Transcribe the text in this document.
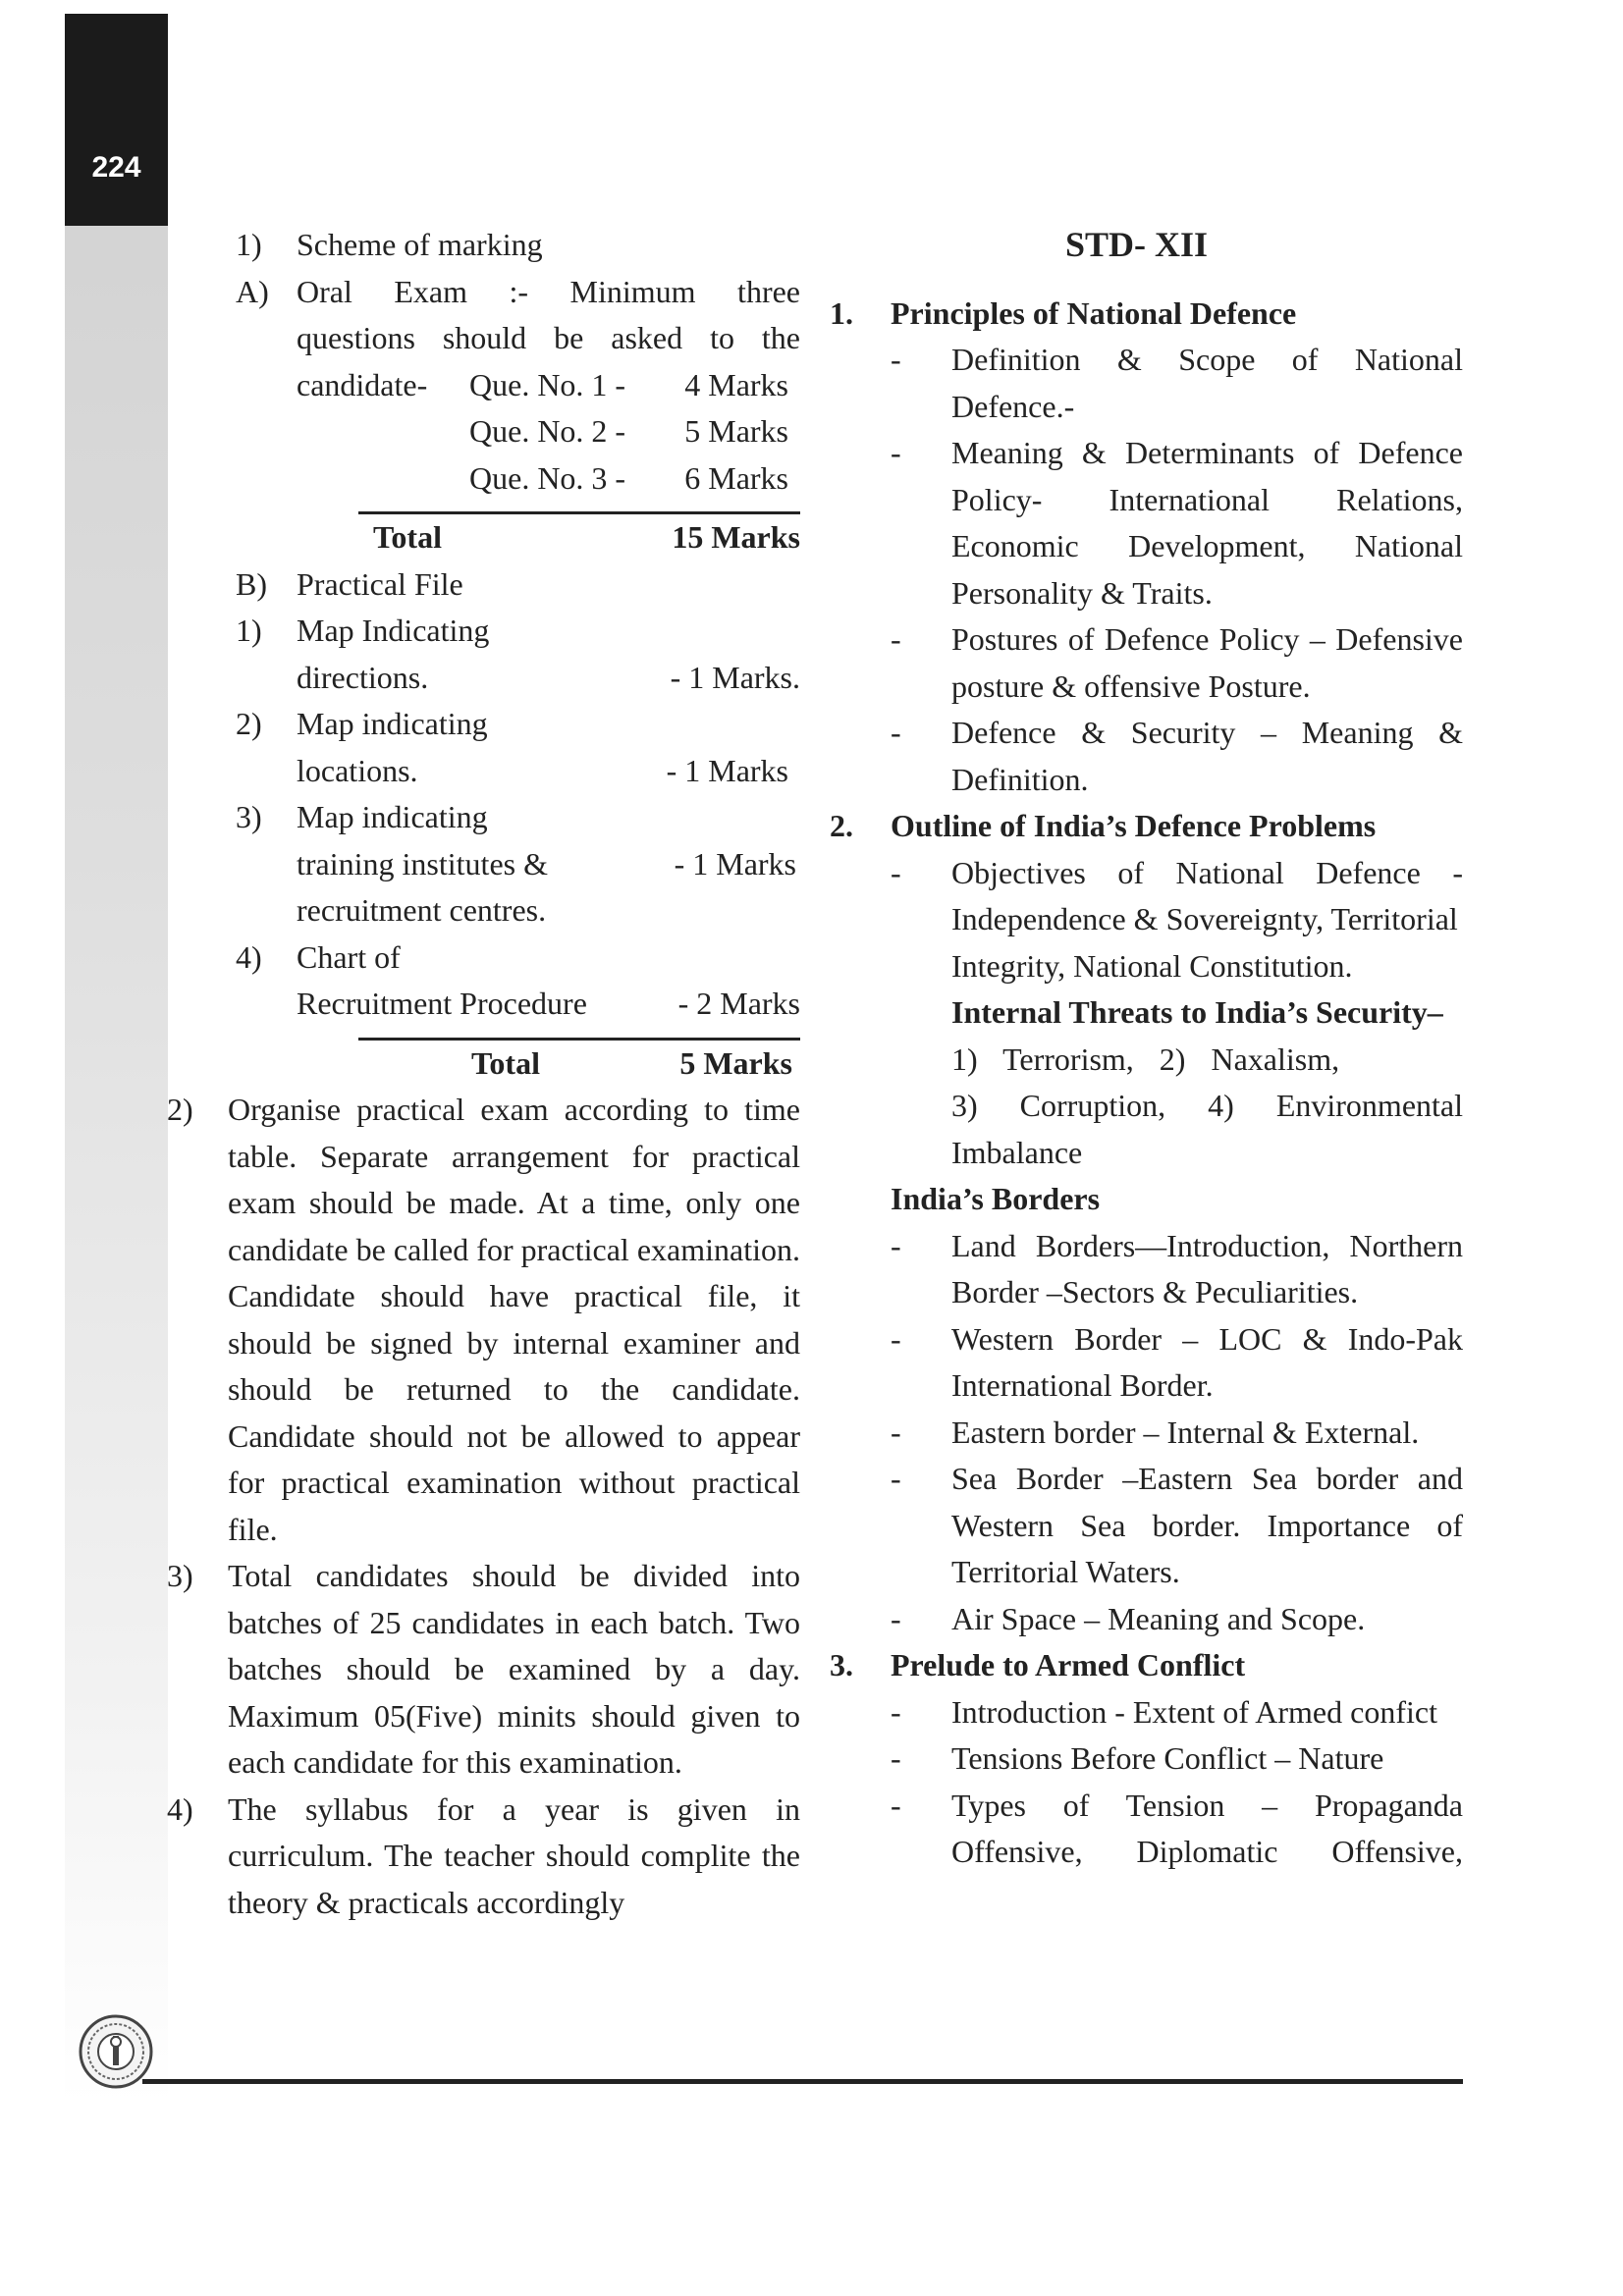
224
1)	Scheme of marking
A) Oral Exam :- Minimum three
questions should be asked to the
candidate-	Que. No. 1 - 4 Marks
Que. No. 2 - 5 Marks
Que. No. 3 - 6 Marks
Total	15 Marks
B) Practical File
1)	Map Indicating
directions.	- 1 Marks.
2)	Map indicating
locations.	- 1 Marks
3)	Map indicating
training institutes &	- 1 Marks
recruitment centres.
4)	Chart of
Recruitment Procedure	- 2 Marks
Total	5 Marks
2)	Organise practical exam according to time table. Separate arrangement for practical exam should be made. At a time, only one candidate be called for practical examination. Candidate should have practical file, it should be signed by internal examiner and should be returned to the candidate. Candidate should not be allowed to appear for practical examination without practical file.
3)	Total candidates should be divided into batches of 25 candidates in each batch. Two batches should be examined by a day. Maximum 05(Five) minits should given to each candidate for this examination.
4)	The syllabus for a year is given in curriculum. The teacher should complite the theory & practicals accordingly
STD- XII
1.	Principles of National Defence
-	Definition & Scope of National Defence.-
-	Meaning & Determinants of Defence Policy- International Relations, Economic Development, National Personality & Traits.
-	Postures of Defence Policy – Defensive posture & offensive Posture.
-	Defence & Security – Meaning & Definition.
2.	Outline of India’s Defence Problems
-	Objectives of National Defence - Independence & Sovereignty, Territorial
Integrity, National Constitution.
Internal Threats to India’s Security–
1) Terrorism, 2) Naxalism,
3) Corruption, 4) Environmental Imbalance
India’s Borders
-	Land Borders—Introduction, Northern Border –Sectors & Peculiarities.
-	Western Border – LOC & Indo-Pak International Border.
-	Eastern border – Internal & External.
-	Sea Border –Eastern Sea border and Western Sea border. Importance of Territorial Waters.
-	Air Space – Meaning and Scope.
3.	Prelude to Armed Conflict
-	Introduction - Extent of Armed confict
-	Tensions Before Conflict – Nature
-	Types of Tension – Propaganda Offensive, Diplomatic Offensive,
